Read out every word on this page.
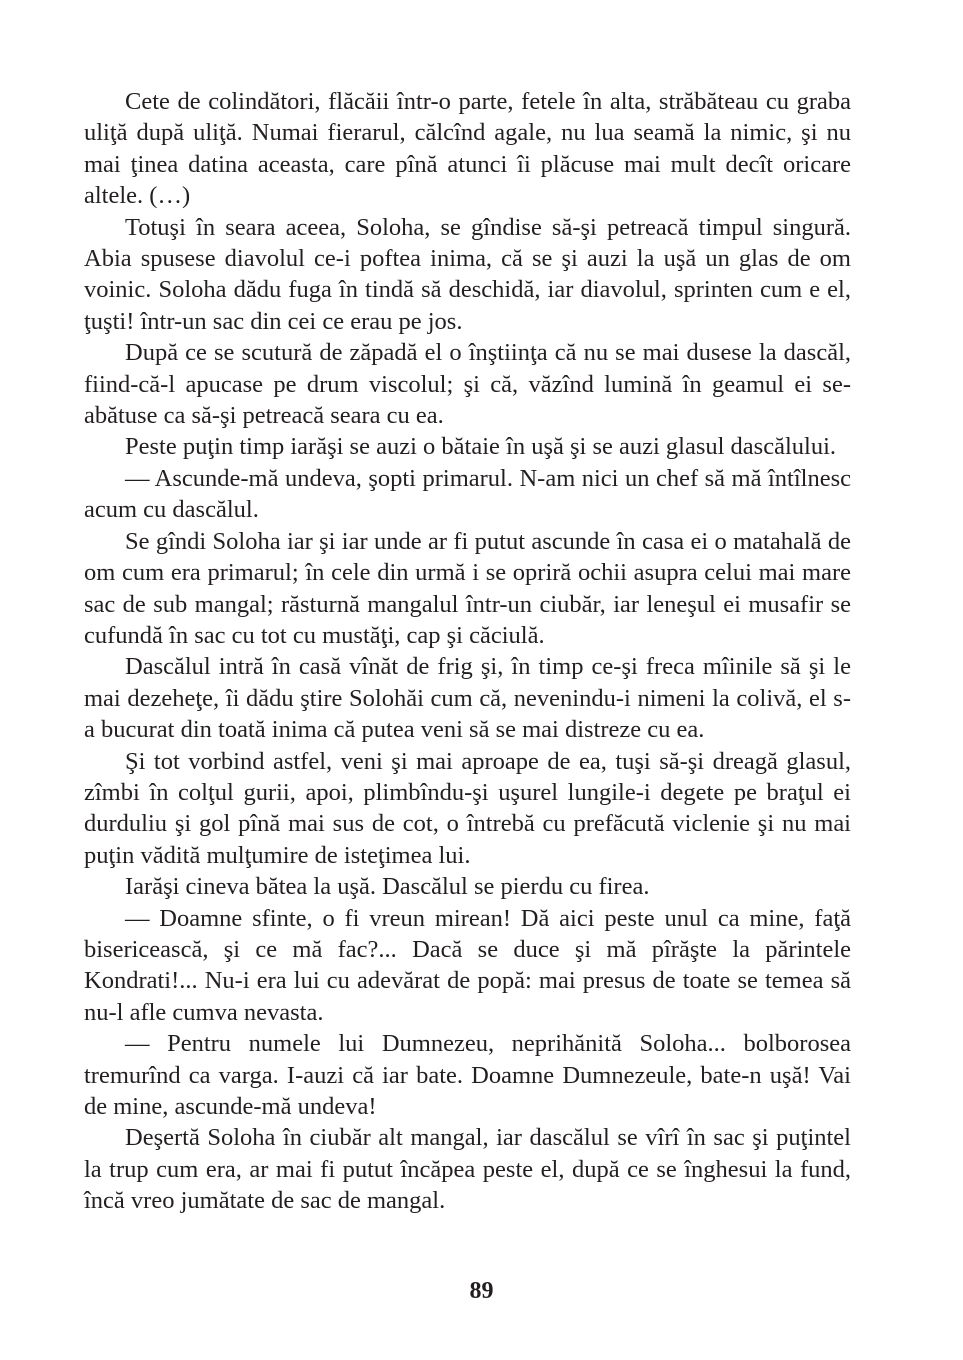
Cete de colindători, flăcăii într-o parte, fetele în alta, străbăteau cu graba uliţă după uliţă. Numai fierarul, călcînd agale, nu lua seamă la nimic, şi nu mai ţinea datina aceasta, care pînă atunci îi plăcuse mai mult decît oricare altele. (…)

Totuşi în seara aceea, Soloha, se gîndise să-şi petreacă timpul singură. Abia spusese diavolul ce-i poftea inima, că se şi auzi la uşă un glas de om voinic. Soloha dădu fuga în tindă să deschidă, iar diavolul, sprinten cum e el, ţuşti! într-un sac din cei ce erau pe jos.

După ce se scutură de zăpadă el o înştiinţa că nu se mai dusese la dascăl, fiind-că-l apucase pe drum viscolul; şi că, văzînd lumină în geamul ei se-abătuse ca să-şi petreacă seara cu ea.

Peste puţin timp iarăşi se auzi o bătaie în uşă şi se auzi glasul dascălului.

— Ascunde-mă undeva, şopti primarul. N-am nici un chef să mă întîlnesc acum cu dascălul.

Se gîndi Soloha iar şi iar unde ar fi putut ascunde în casa ei o matahală de om cum era primarul; în cele din urmă i se opriră ochii asupra celui mai mare sac de sub mangal; răsturnă mangalul într-un ciubăr, iar leneşul ei musafir se cufundă în sac cu tot cu mustăţi, cap şi căciulă.

Dascălul intră în casă vînăt de frig şi, în timp ce-şi freca mîinile să şi le mai dezeheţe, îi dădu ştire Solohăi cum că, nevenindu-i nimeni la colivă, el s-a bucurat din toată inima că putea veni să se mai distreze cu ea.

Şi tot vorbind astfel, veni şi mai aproape de ea, tuşi să-şi dreagă glasul, zîmbi în colţul gurii, apoi, plimbîndu-şi uşurel lungile-i degete pe braţul ei durduliu şi gol pînă mai sus de cot, o întrebă cu prefăcută viclenie şi nu mai puţin vădită mulţumire de isteţimea lui.

Iarăşi cineva bătea la uşă. Dascălul se pierdu cu firea.

— Doamne sfinte, o fi vreun mirean! Dă aici peste unul ca mine, faţă bisericească, şi ce mă fac?... Dacă se duce şi mă pîrăşte la părintele Kondrati!... Nu-i era lui cu adevărat de popă: mai presus de toate se temea să nu-l afle cumva nevasta.

— Pentru numele lui Dumnezeu, neprihănită Soloha... bolborosea tremurînd ca varga. I-auzi că iar bate. Doamne Dumnezeule, bate-n uşă! Vai de mine, ascunde-mă undeva!

Deşertă Soloha în ciubăr alt mangal, iar dascălul se vîrî în sac şi puţintel la trup cum era, ar mai fi putut încăpea peste el, după ce se înghesui la fund, încă vreo jumătate de sac de mangal.

89
